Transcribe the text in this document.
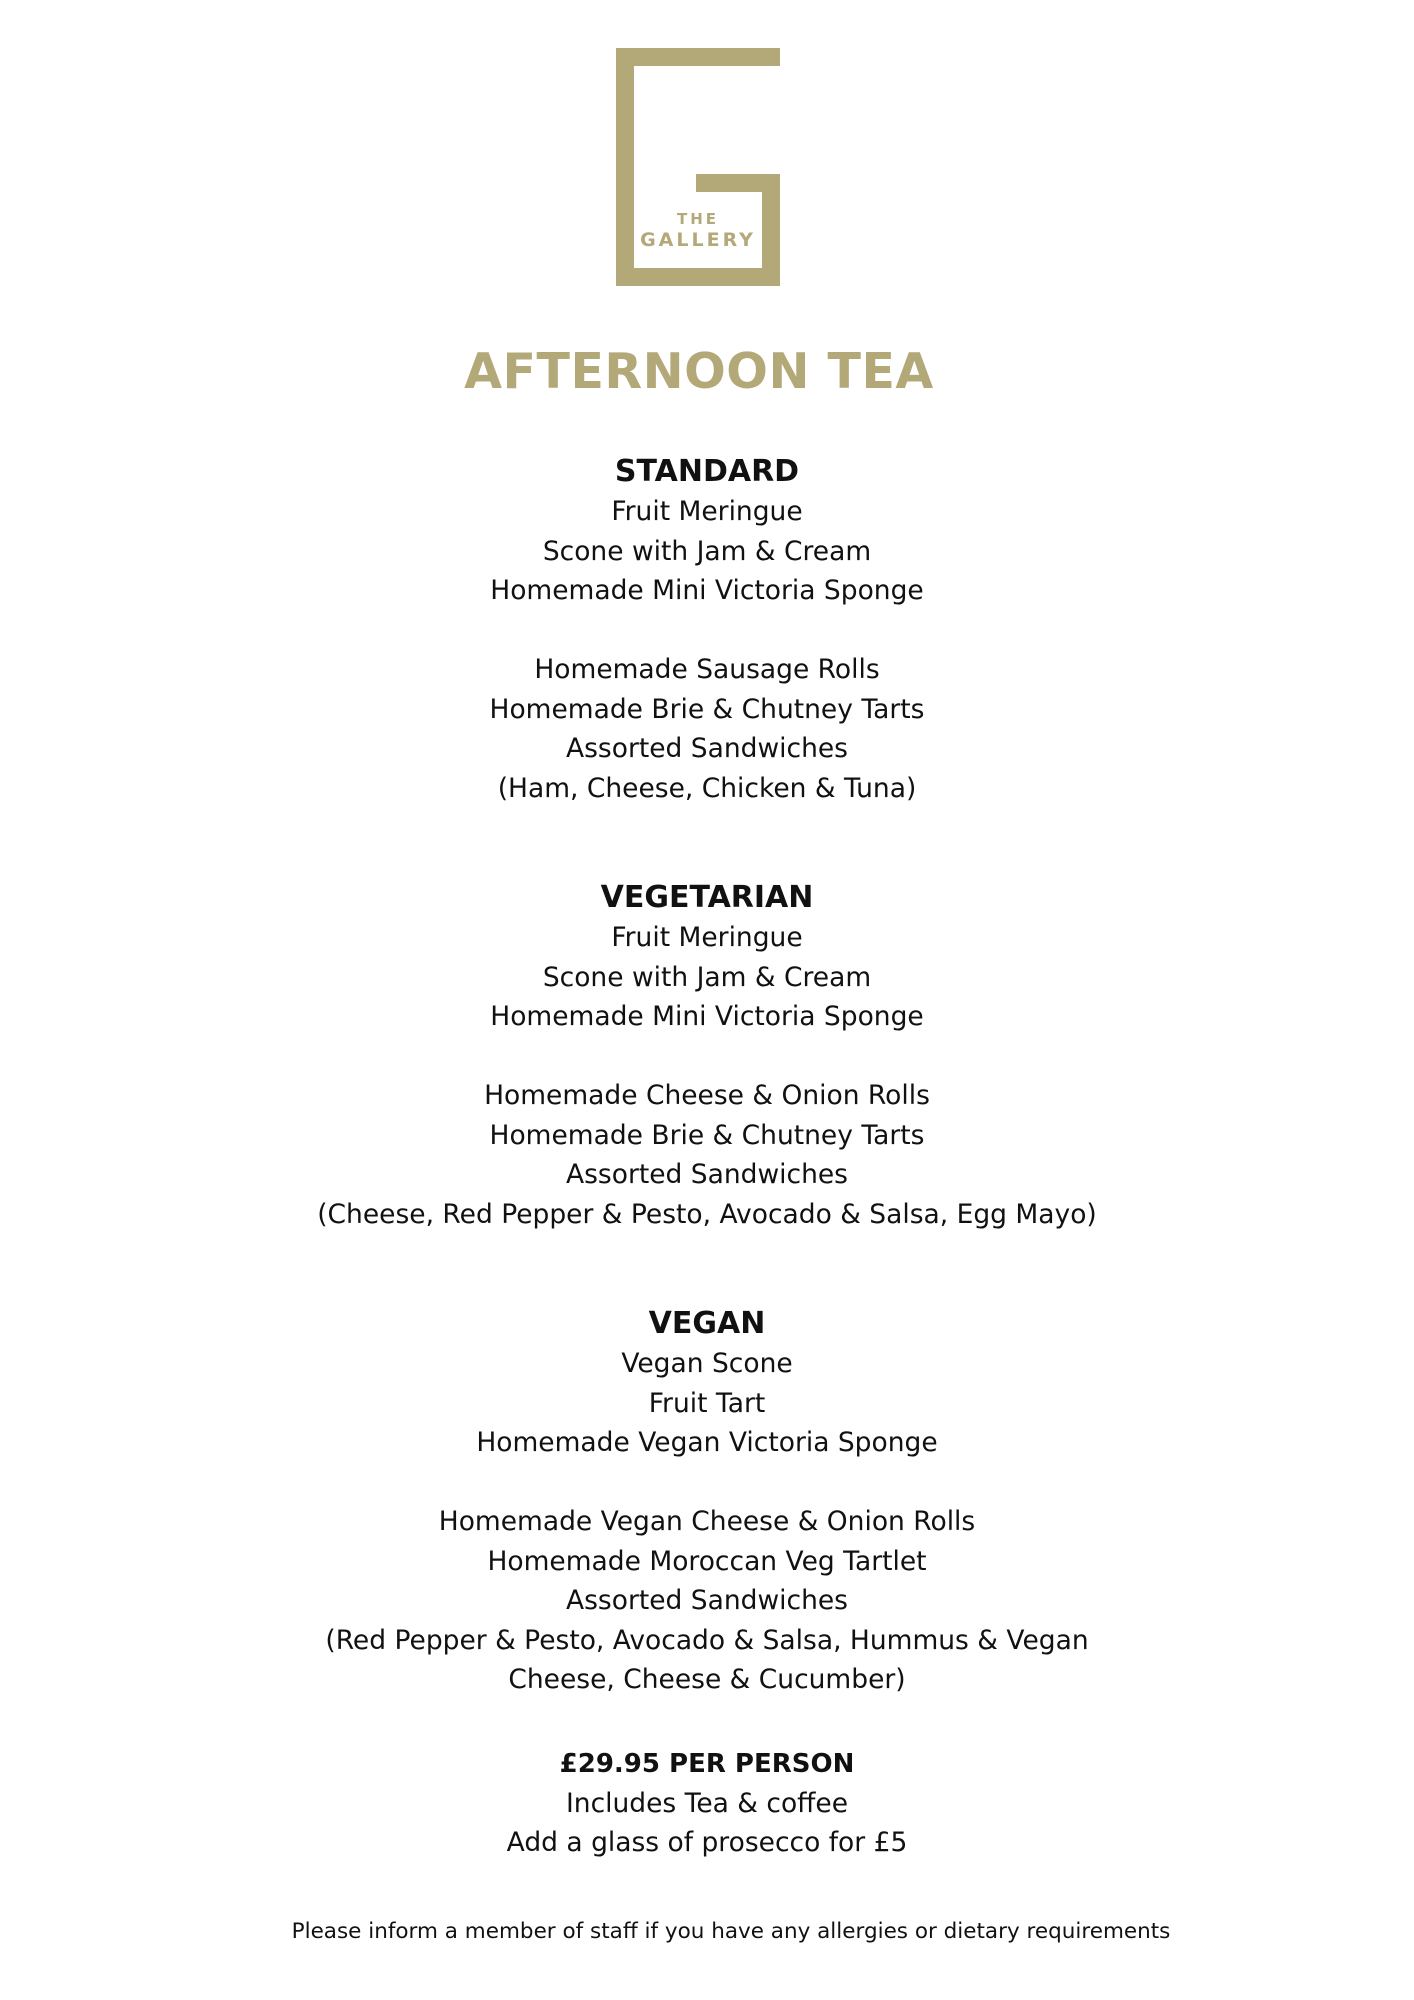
THE
GALLERY
AFTERNOON TEA

STANDARD

Fruit Meringue

Scone with Jam & Cream

Homemade Mini Victoria Sponge

Homemade Sausage Rolls

Homemade Brie & Chutney Tarts

Assorted Sandwiches

(Ham, Cheese, Chicken & Tuna)

VEGETARIAN

Fruit Meringue

Scone with Jam & Cream

Homemade Mini Victoria Sponge

Homemade Cheese & Onion Rolls

Homemade Brie & Chutney Tarts

Assorted Sandwiches

(Cheese, Red Pepper & Pesto, Avocado & Salsa, Egg Mayo)

VEGAN

Vegan Scone

Fruit Tart

Homemade Vegan Victoria Sponge

Homemade Vegan Cheese & Onion Rolls

Homemade Moroccan Veg Tartlet

Assorted Sandwiches

(Red Pepper & Pesto, Avocado & Salsa, Hummus & Vegan

Cheese, Cheese & Cucumber)

£29.95 PER PERSON

Includes Tea & coffee

Add a glass of prosecco for £5

Please inform a member of staff if you have any allergies or dietary requirements
